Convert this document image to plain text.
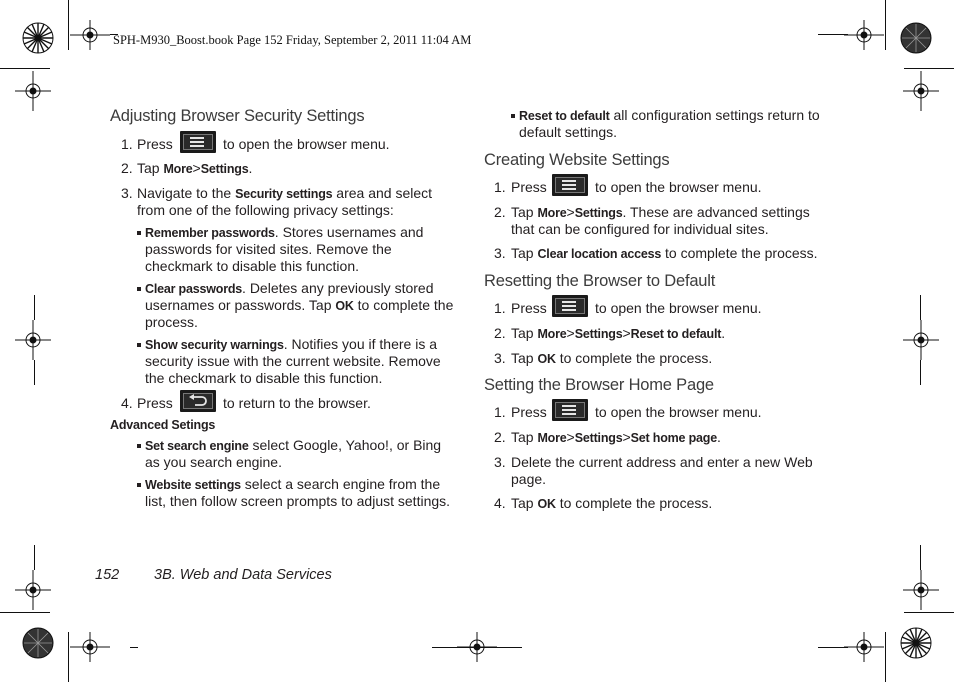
SPH-M930_Boost.book Page 152 Friday, September 2, 2011 11:04 AM
Adjusting Browser Security Settings
1. Press	to open the browser menu.
2. Tap More>Settings.
3. Navigate to the Security settings area and select
from one of the following privacy settings:
Remember passwords. Stores usernames and
passwords for visited sites. Remove the
checkmark to disable this function.
Clear passwords. Deletes any previously stored
usernames or passwords. Tap OK to complete the
process.
Show security warnings. Notifies you if there is a
security issue with the current website. Remove
the checkmark to disable this function.
4. Press	to return to the browser.
Advanced Setings
Set search engine select Google, Yahoo!, or Bing
as you search engine.
Website settings select a search engine from the
list, then follow screen prompts to adjust settings.
Reset to default all configuration settings return to
default settings.
Creating Website Settings
1. Press	to open the browser menu.
2. Tap More>Settings. These are advanced settings
that can be configured for individual sites.
3. Tap Clear location access to complete the process.
Resetting the Browser to Default
1. Press	to open the browser menu.
2. Tap More>Settings>Reset to default.
3. Tap OK to complete the process.
Setting the Browser Home Page
1. Press	to open the browser menu.
2. Tap More>Settings>Set home page.
3. Delete the current address and enter a new Web
page.
4. Tap OK to complete the process.
152 3B. Web and Data Services
